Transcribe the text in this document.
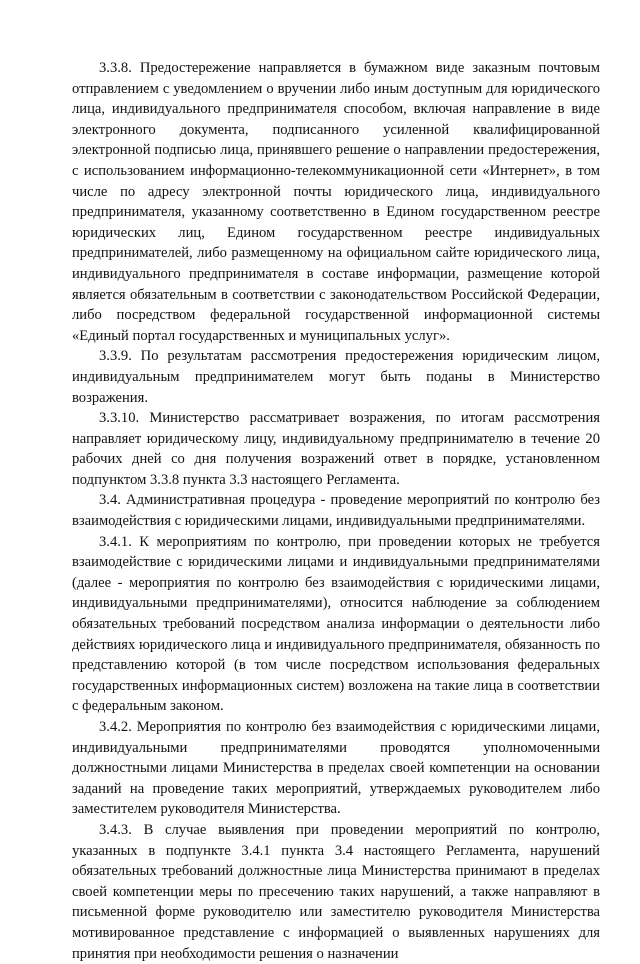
3.3.8. Предостережение направляется в бумажном виде заказным почтовым отправлением с уведомлением о вручении либо иным доступным для юридического лица, индивидуального предпринимателя способом, включая направление в виде электронного документа, подписанного усиленной квалифицированной электронной подписью лица, принявшего решение о направлении предостережения, с использованием информационно-телекоммуникационной сети «Интернет», в том числе по адресу электронной почты юридического лица, индивидуального предпринимателя, указанному соответственно в Едином государственном реестре юридических лиц, Едином государственном реестре индивидуальных предпринимателей, либо размещенному на официальном сайте юридического лица, индивидуального предпринимателя в составе информации, размещение которой является обязательным в соответствии с законодательством Российской Федерации, либо посредством федеральной государственной информационной системы «Единый портал государственных и муниципальных услуг».

3.3.9. По результатам рассмотрения предостережения юридическим лицом, индивидуальным предпринимателем могут быть поданы в Министерство возражения.

3.3.10. Министерство рассматривает возражения, по итогам рассмотрения направляет юридическому лицу, индивидуальному предпринимателю в течение 20 рабочих дней со дня получения возражений ответ в порядке, установленном подпунктом 3.3.8 пункта 3.3 настоящего Регламента.

3.4. Административная процедура - проведение мероприятий по контролю без взаимодействия с юридическими лицами, индивидуальными предпринимателями.

3.4.1. К мероприятиям по контролю, при проведении которых не требуется взаимодействие с юридическими лицами и индивидуальными предпринимателями (далее - мероприятия по контролю без взаимодействия с юридическими лицами, индивидуальными предпринимателями), относится наблюдение за соблюдением обязательных требований посредством анализа информации о деятельности либо действиях юридического лица и индивидуального предпринимателя, обязанность по представлению которой (в том числе посредством использования федеральных государственных информационных систем) возложена на такие лица в соответствии с федеральным законом.

3.4.2. Мероприятия по контролю без взаимодействия с юридическими лицами, индивидуальными предпринимателями проводятся уполномоченными должностными лицами Министерства в пределах своей компетенции на основании заданий на проведение таких мероприятий, утверждаемых руководителем либо заместителем руководителя Министерства.

3.4.3. В случае выявления при проведении мероприятий по контролю, указанных в подпункте 3.4.1 пункта 3.4 настоящего Регламента, нарушений обязательных требований должностные лица Министерства принимают в пределах своей компетенции меры по пресечению таких нарушений, а также направляют в письменной форме руководителю или заместителю руководителя Министерства мотивированное представление с информацией о выявленных нарушениях для принятия при необходимости решения о назначении
